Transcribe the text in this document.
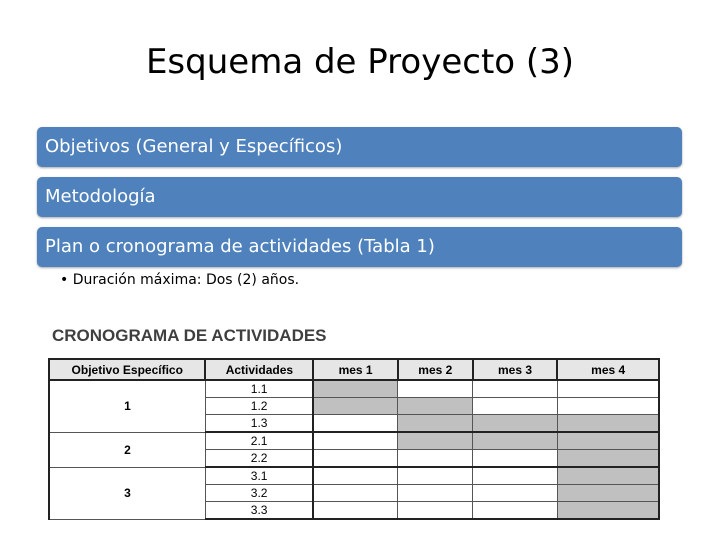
Esquema de Proyecto (3)
Objetivos (General y Específicos)
Metodología
Plan o cronograma de actividades (Tabla 1)
• Duración máxima: Dos (2) años.
CRONOGRAMA DE ACTIVIDADES
Objetivo Específico	Actividades	mes 1	mes 2	mes 3	mes 4
1	1.1				
	1.2				
	1.3				
2	2.1				
	2.2				
3	3.1				
	3.2				
	3.3				
